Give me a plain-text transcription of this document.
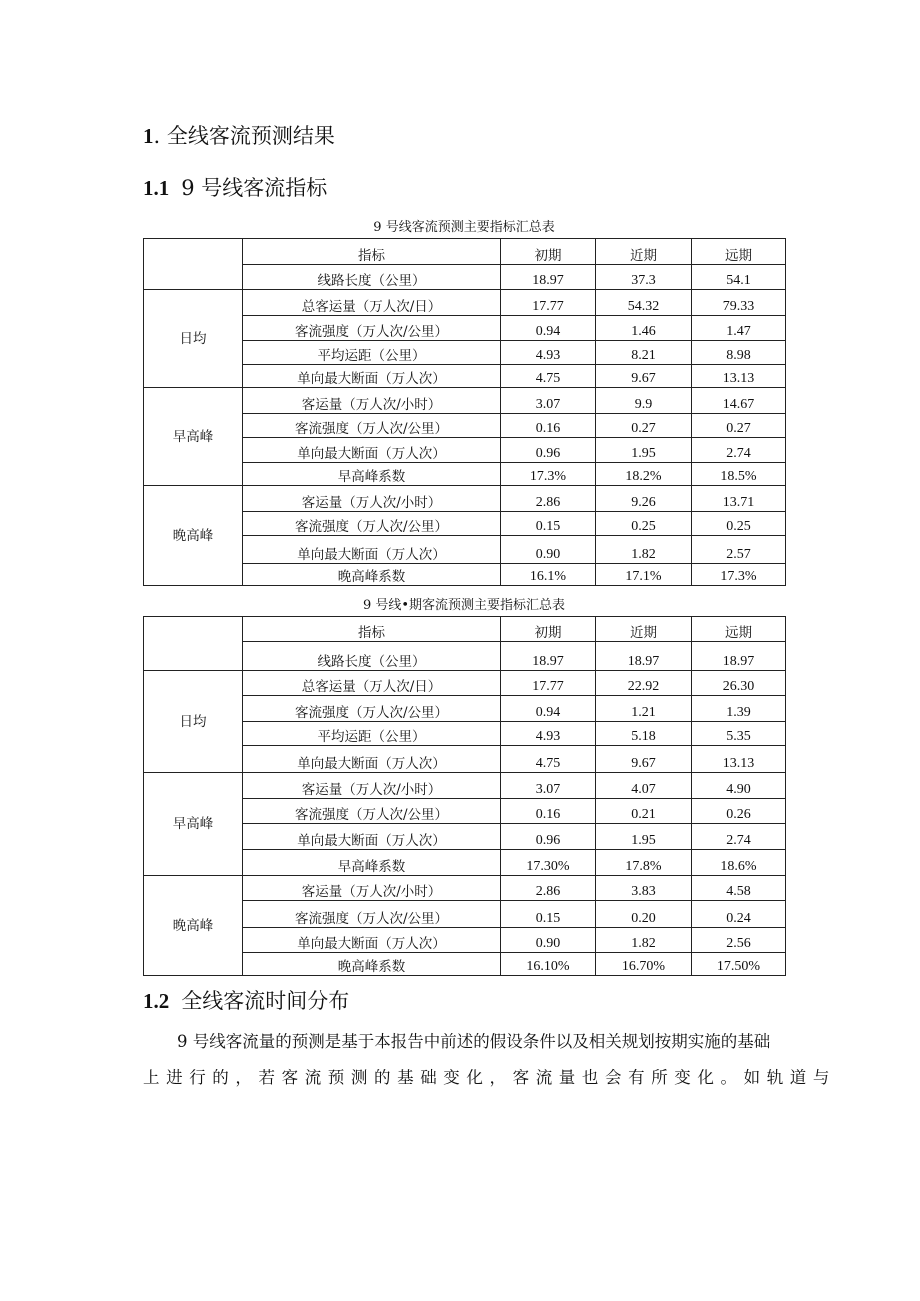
1. 全线客流预测结果
1.1 9 号线客流指标
9 号线客流预测主要指标汇总表
	指标	初期	近期	远期
	线路长度（公里）	18.97	37.3	54.1
日均	总客运量（万人次/日）	17.77	54.32	79.33
	客流强度（万人次/公里）	0.94	1.46	1.47
	平均运距（公里）	4.93	8.21	8.98
	单向最大断面（万人次）	4.75	9.67	13.13
早高峰	客运量（万人次/小时）	3.07	9.9	14.67
	客流强度（万人次/公里）	0.16	0.27	0.27
	单向最大断面（万人次）	0.96	1.95	2.74
	早高峰系数	17.3%	18.2%	18.5%
晚高峰	客运量（万人次/小时）	2.86	9.26	13.71
	客流强度（万人次/公里）	0.15	0.25	0.25
	单向最大断面（万人次）	0.90	1.82	2.57
	晚高峰系数	16.1%	17.1%	17.3%
9 号线•期客流预测主要指标汇总表
	指标	初期	近期	远期
	线路长度（公里）	18.97	18.97	18.97
日均	总客运量（万人次/日）	17.77	22.92	26.30
	客流强度（万人次/公里）	0.94	1.21	1.39
	平均运距（公里）	4.93	5.18	5.35
	单向最大断面（万人次）	4.75	9.67	13.13
早高峰	客运量（万人次/小时）	3.07	4.07	4.90
	客流强度（万人次/公里）	0.16	0.21	0.26
	单向最大断面（万人次）	0.96	1.95	2.74
	早高峰系数	17.30%	17.8%	18.6%
晚高峰	客运量（万人次/小时）	2.86	3.83	4.58
	客流强度（万人次/公里）	0.15	0.20	0.24
	单向最大断面（万人次）	0.90	1.82	2.56
	晚高峰系数	16.10%	16.70%	17.50%
1.2 全线客流时间分布

9 号线客流量的预测是基于本报告中前述的假设条件以及相关规划按期实施的基础

上进行的，若客流预测的基础变化，客流量也会有所变化。如轨道与
